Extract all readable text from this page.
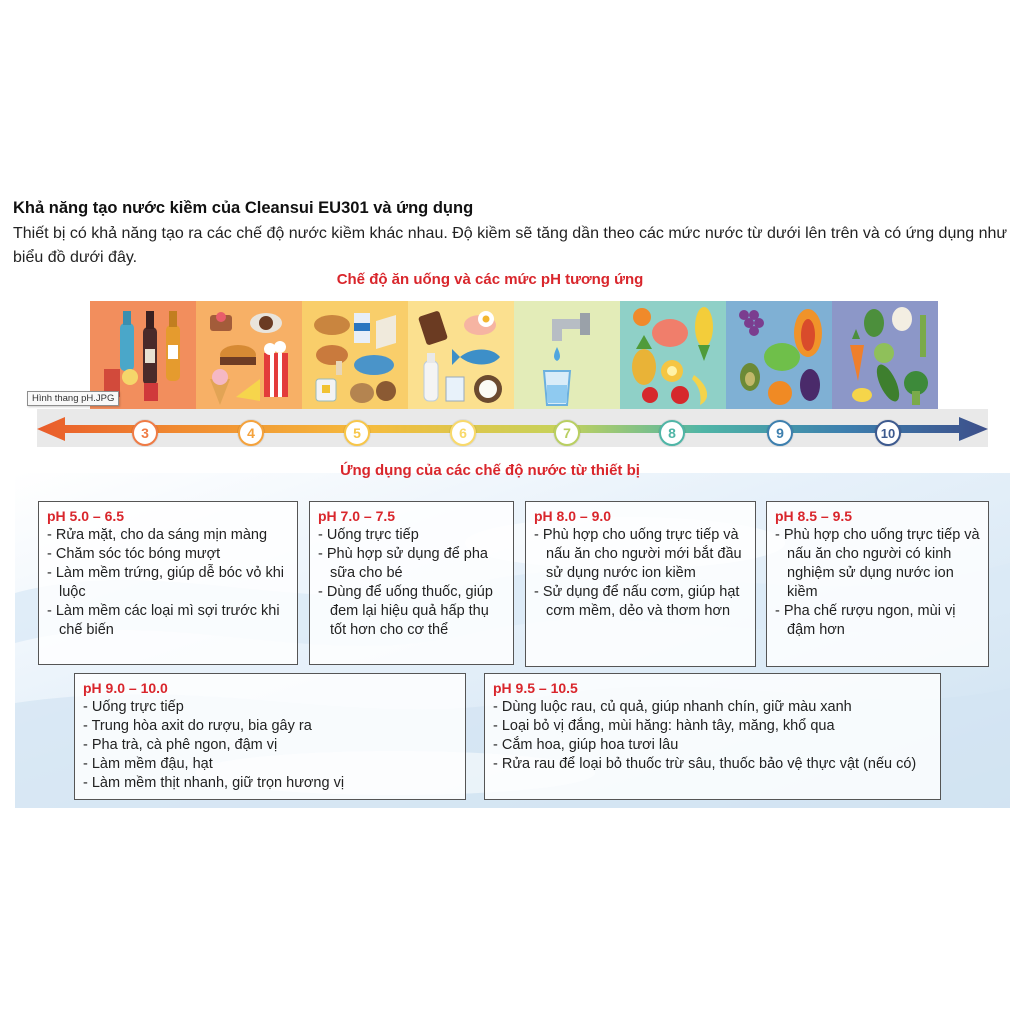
Khả năng tạo nước kiềm của Cleansui EU301 và ứng dụng
Thiết bị có khả năng tạo ra các chế độ nước kiềm khác nhau. Độ kiềm sẽ tăng dần theo các mức nước từ dưới lên trên và có ứng dụng như biểu đồ dưới đây.
Chế độ ăn uống và các mức pH tương ứng
Hình thang pH.JPG
3	4	5	6	7	8	9	10
Ứng dụng của các chế độ nước từ thiết bị
pH 5.0 – 6.5
- Rửa mặt, cho da sáng mịn màng
- Chăm sóc tóc bóng mượt
- Làm mềm trứng, giúp dễ bóc vỏ khi luộc
- Làm mềm các loại mì sợi trước khi chế biến
pH 7.0 – 7.5
- Uống trực tiếp
- Phù hợp sử dụng để pha sữa cho bé
- Dùng để uống thuốc, giúp đem lại hiệu quả hấp thụ tốt hơn cho cơ thể
pH 8.0 – 9.0
- Phù hợp cho uống trực tiếp và nấu ăn cho người mới bắt đầu sử dụng nước ion kiềm
- Sử dụng để nấu cơm, giúp hạt cơm mềm, dẻo và thơm hơn
pH 8.5 – 9.5
- Phù hợp cho uống trực tiếp và nấu ăn cho người có kinh nghiệm sử dụng nước ion kiềm
- Pha chế rượu ngon, mùi vị đậm hơn
pH 9.0 – 10.0
- Uống trực tiếp
- Trung hòa axit do rượu, bia gây ra
- Pha trà, cà phê ngon, đậm vị
- Làm mềm đậu, hạt
- Làm mềm thịt nhanh, giữ trọn hương vị
pH 9.5 – 10.5
- Dùng luộc rau, củ quả, giúp nhanh chín, giữ màu xanh
- Loại bỏ vị đắng, mùi hăng: hành tây, măng, khổ qua
- Cắm hoa, giúp hoa tươi lâu
- Rửa rau để loại bỏ thuốc trừ sâu, thuốc bảo vệ thực vật (nếu có)
